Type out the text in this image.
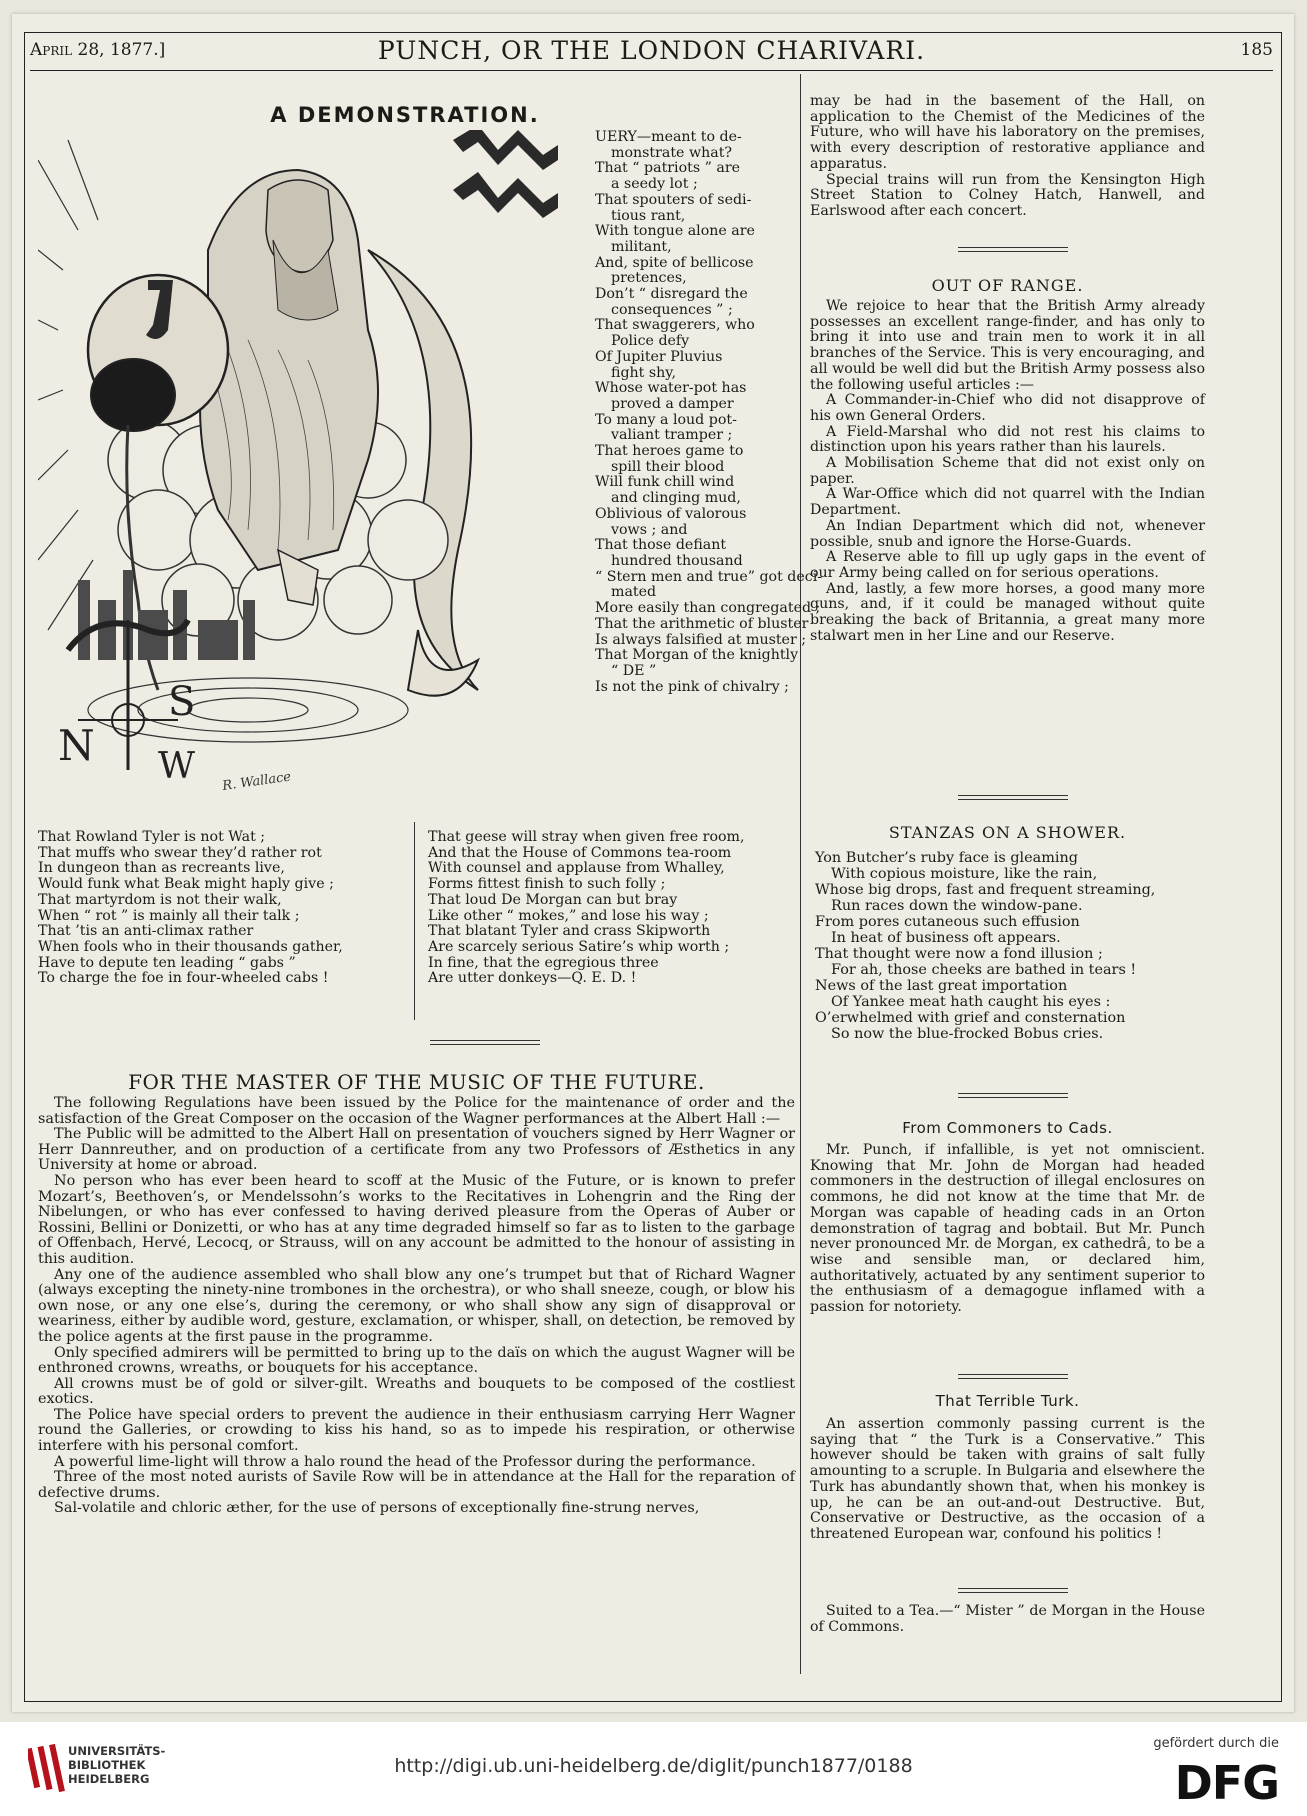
April 28, 1877.]	PUNCH, OR THE LONDON CHARIVARI.	185
A DEMONSTRATION.
N
S
W R. Wallace
UERY—meant to de-
monstrate what?
That “ patriots ” are
a seedy lot ;
That spouters of sedi-
tious rant,
With tongue alone are
militant,
And, spite of bellicose
pretences,
Don’t “ disregard the
consequences ” ;
That swaggerers, who
Police defy
Of Jupiter Pluvius
fight shy,
Whose water-pot has
proved a damper
To many a loud pot-
valiant tramper ;
That heroes game to
spill their blood
Will funk chill wind
and clinging mud,
Oblivious of valorous
vows ; and
That those defiant
hundred thousand
“ Stern men and true” got deci-
mated
More easily than congregated ;
That the arithmetic of bluster
Is always falsified at muster ;
That Morgan of the knightly
“ DE ”
Is not the pink of chivalry ;
That Rowland Tyler is not Wat ;
That muffs who swear they’d rather rot
In dungeon than as recreants live,
Would funk what Beak might haply give ;
That martyrdom is not their walk,
When “ rot ” is mainly all their talk ;
That ’tis an anti-climax rather
When fools who in their thousands gather,
Have to depute ten leading “ gabs ”
To charge the foe in four-wheeled cabs !
That geese will stray when given free room,
And that the House of Commons tea-room
With counsel and applause from Whalley,
Forms fittest finish to such folly ;
That loud De Morgan can but bray
Like other “ mokes,” and lose his way ;
That blatant Tyler and crass Skipworth
Are scarcely serious Satire’s whip worth ;
In fine, that the egregious three
Are utter donkeys—Q. E. D. !
FOR THE MASTER OF THE MUSIC OF THE FUTURE.

The following Regulations have been issued by the Police for the maintenance of order and the satisfaction of the Great Composer on the occasion of the Wagner performances at the Albert Hall :—

The Public will be admitted to the Albert Hall on presentation of vouchers signed by Herr Wagner or Herr Dannreuther, and on production of a certificate from any two Professors of Æsthetics in any University at home or abroad.

No person who has ever been heard to scoff at the Music of the Future, or is known to prefer Mozart’s, Beethoven’s, or Mendelssohn’s works to the Recitatives in Lohengrin and the Ring der Nibelungen, or who has ever confessed to having derived pleasure from the Operas of Auber or Rossini, Bellini or Donizetti, or who has at any time degraded himself so far as to listen to the garbage of Offenbach, Hervé, Lecocq, or Strauss, will on any account be admitted to the honour of assisting in this audition.

Any one of the audience assembled who shall blow any one’s trumpet but that of Richard Wagner (always excepting the ninety-nine trombones in the orchestra), or who shall sneeze, cough, or blow his own nose, or any one else’s, during the ceremony, or who shall show any sign of disapproval or weariness, either by audible word, gesture, exclamation, or whisper, shall, on detection, be removed by the police agents at the first pause in the programme.

Only specified admirers will be permitted to bring up to the daïs on which the august Wagner will be enthroned crowns, wreaths, or bouquets for his acceptance.

All crowns must be of gold or silver-gilt. Wreaths and bouquets to be composed of the costliest exotics.

The Police have special orders to prevent the audience in their enthusiasm carrying Herr Wagner round the Galleries, or crowding to kiss his hand, so as to impede his respiration, or otherwise interfere with his personal comfort.

A powerful lime-light will throw a halo round the head of the Professor during the performance.

Three of the most noted aurists of Savile Row will be in attendance at the Hall for the reparation of defective drums.

Sal-volatile and chloric æther, for the use of persons of exceptionally fine-strung nerves,

may be had in the basement of the Hall, on application to the Chemist of the Medicines of the Future, who will have his laboratory on the premises, with every description of restorative appliance and apparatus.

Special trains will run from the Kensington High Street Station to Colney Hatch, Hanwell, and Earlswood after each concert.

OUT OF RANGE.

We rejoice to hear that the British Army already possesses an excellent range-finder, and has only to bring it into use and train men to work it in all branches of the Service. This is very encouraging, and all would be well did but the British Army possess also the following useful articles :—

A Commander-in-Chief who did not disapprove of his own General Orders.

A Field-Marshal who did not rest his claims to distinction upon his years rather than his laurels.

A Mobilisation Scheme that did not exist only on paper.

A War-Office which did not quarrel with the Indian Department.

An Indian Department which did not, whenever possible, snub and ignore the Horse-Guards.

A Reserve able to fill up ugly gaps in the event of our Army being called on for serious operations.

And, lastly, a few more horses, a good many more guns, and, if it could be managed without quite breaking the back of Britannia, a great many more stalwart men in her Line and our Reserve.

STANZAS ON A SHOWER.
Yon Butcher’s ruby face is gleaming
With copious moisture, like the rain,
Whose big drops, fast and frequent streaming,
Run races down the window-pane.
From pores cutaneous such effusion
In heat of business oft appears.
That thought were now a fond illusion ;
For ah, those cheeks are bathed in tears !
News of the last great importation
Of Yankee meat hath caught his eyes :
O’erwhelmed with grief and consternation
So now the blue-frocked Bobus cries.
From Commoners to Cads.

Mr. Punch, if infallible, is yet not omniscient. Knowing that Mr. John de Morgan had headed commoners in the destruction of illegal enclosures on commons, he did not know at the time that Mr. de Morgan was capable of heading cads in an Orton demonstration of tagrag and bobtail. But Mr. Punch never pronounced Mr. de Morgan, ex cathedrâ, to be a wise and sensible man, or declared him, authoritatively, actuated by any sentiment superior to the enthusiasm of a demagogue inflamed with a passion for notoriety.

That Terrible Turk.

An assertion commonly passing current is the saying that “ the Turk is a Conservative.” This however should be taken with grains of salt fully amounting to a scruple. In Bulgaria and elsewhere the Turk has abundantly shown that, when his monkey is up, he can be an out-and-out Destructive. But, Conservative or Destructive, as the occasion of a threatened European war, confound his politics !

Suited to a Tea.—“ Mister ” de Morgan in the House of Commons.

UNIVERSITÄTS-
BIBLIOTHEK
HEIDELBERG
http://digi.ub.uni-heidelberg.de/diglit/punch1877/0188
gefördert durch die
DFG
